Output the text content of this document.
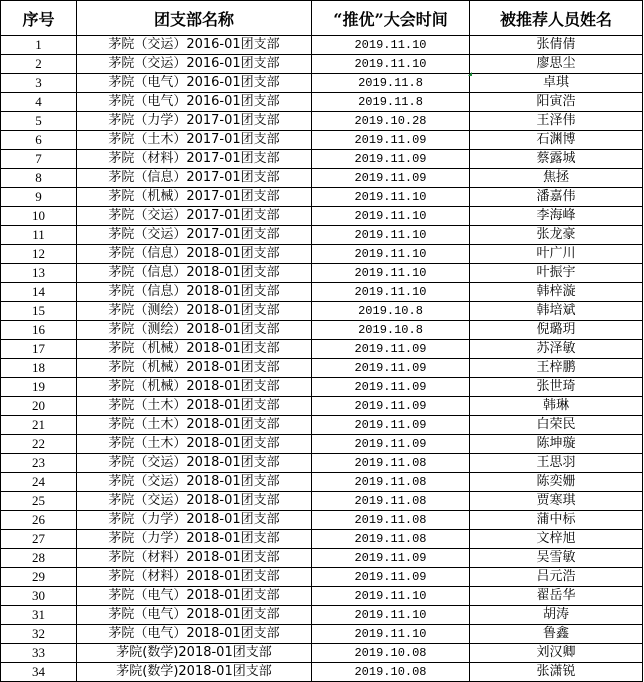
序号	团支部名称	“推优”大会时间	被推荐人员姓名
1	茅院（交运）2016-01团支部	2019.11.10	张倩倩
2	茅院（交运）2016-01团支部	2019.11.10	廖思尘
3	茅院（电气）2016-01团支部	2019.11.8	卓琪
4	茅院（电气）2016-01团支部	2019.11.8	阳寅浩
5	茅院（力学）2017-01团支部	2019.10.28	王泽伟
6	茅院（土木）2017-01团支部	2019.11.09	石渊博
7	茅院（材料）2017-01团支部	2019.11.09	蔡露城
8	茅院（信息）2017-01团支部	2019.11.09	焦拯
9	茅院（机械）2017-01团支部	2019.11.10	潘嘉伟
10	茅院（交运）2017-01团支部	2019.11.10	李海峰
11	茅院（交运）2017-01团支部	2019.11.10	张龙豪
12	茅院（信息）2018-01团支部	2019.11.10	叶广川
13	茅院（信息）2018-01团支部	2019.11.10	叶振宇
14	茅院（信息）2018-01团支部	2019.11.10	韩梓漩
15	茅院（测绘）2018-01团支部	2019.10.8	韩培斌
16	茅院（测绘）2018-01团支部	2019.10.8	倪璐玥
17	茅院（机械）2018-01团支部	2019.11.09	苏泽敏
18	茅院（机械）2018-01团支部	2019.11.09	王梓鹏
19	茅院（机械）2018-01团支部	2019.11.09	张世琦
20	茅院（土木）2018-01团支部	2019.11.09	韩琳
21	茅院（土木）2018-01团支部	2019.11.09	白荣民
22	茅院（土木）2018-01团支部	2019.11.09	陈坤璇
23	茅院（交运）2018-01团支部	2019.11.08	王思羽
24	茅院（交运）2018-01团支部	2019.11.08	陈奕姗
25	茅院（交运）2018-01团支部	2019.11.08	贾寒琪
26	茅院（力学）2018-01团支部	2019.11.08	蒲中标
27	茅院（力学）2018-01团支部	2019.11.08	文梓旭
28	茅院（材料）2018-01团支部	2019.11.09	吴雪敏
29	茅院（材料）2018-01团支部	2019.11.09	吕元浩
30	茅院（电气）2018-01团支部	2019.11.10	翟岳华
31	茅院（电气）2018-01团支部	2019.11.10	胡涛
32	茅院（电气）2018-01团支部	2019.11.10	鲁鑫
33	茅院(数学)2018-01团支部	2019.10.08	刘汉卿
34	茅院(数学)2018-01团支部	2019.10.08	张潇锐
